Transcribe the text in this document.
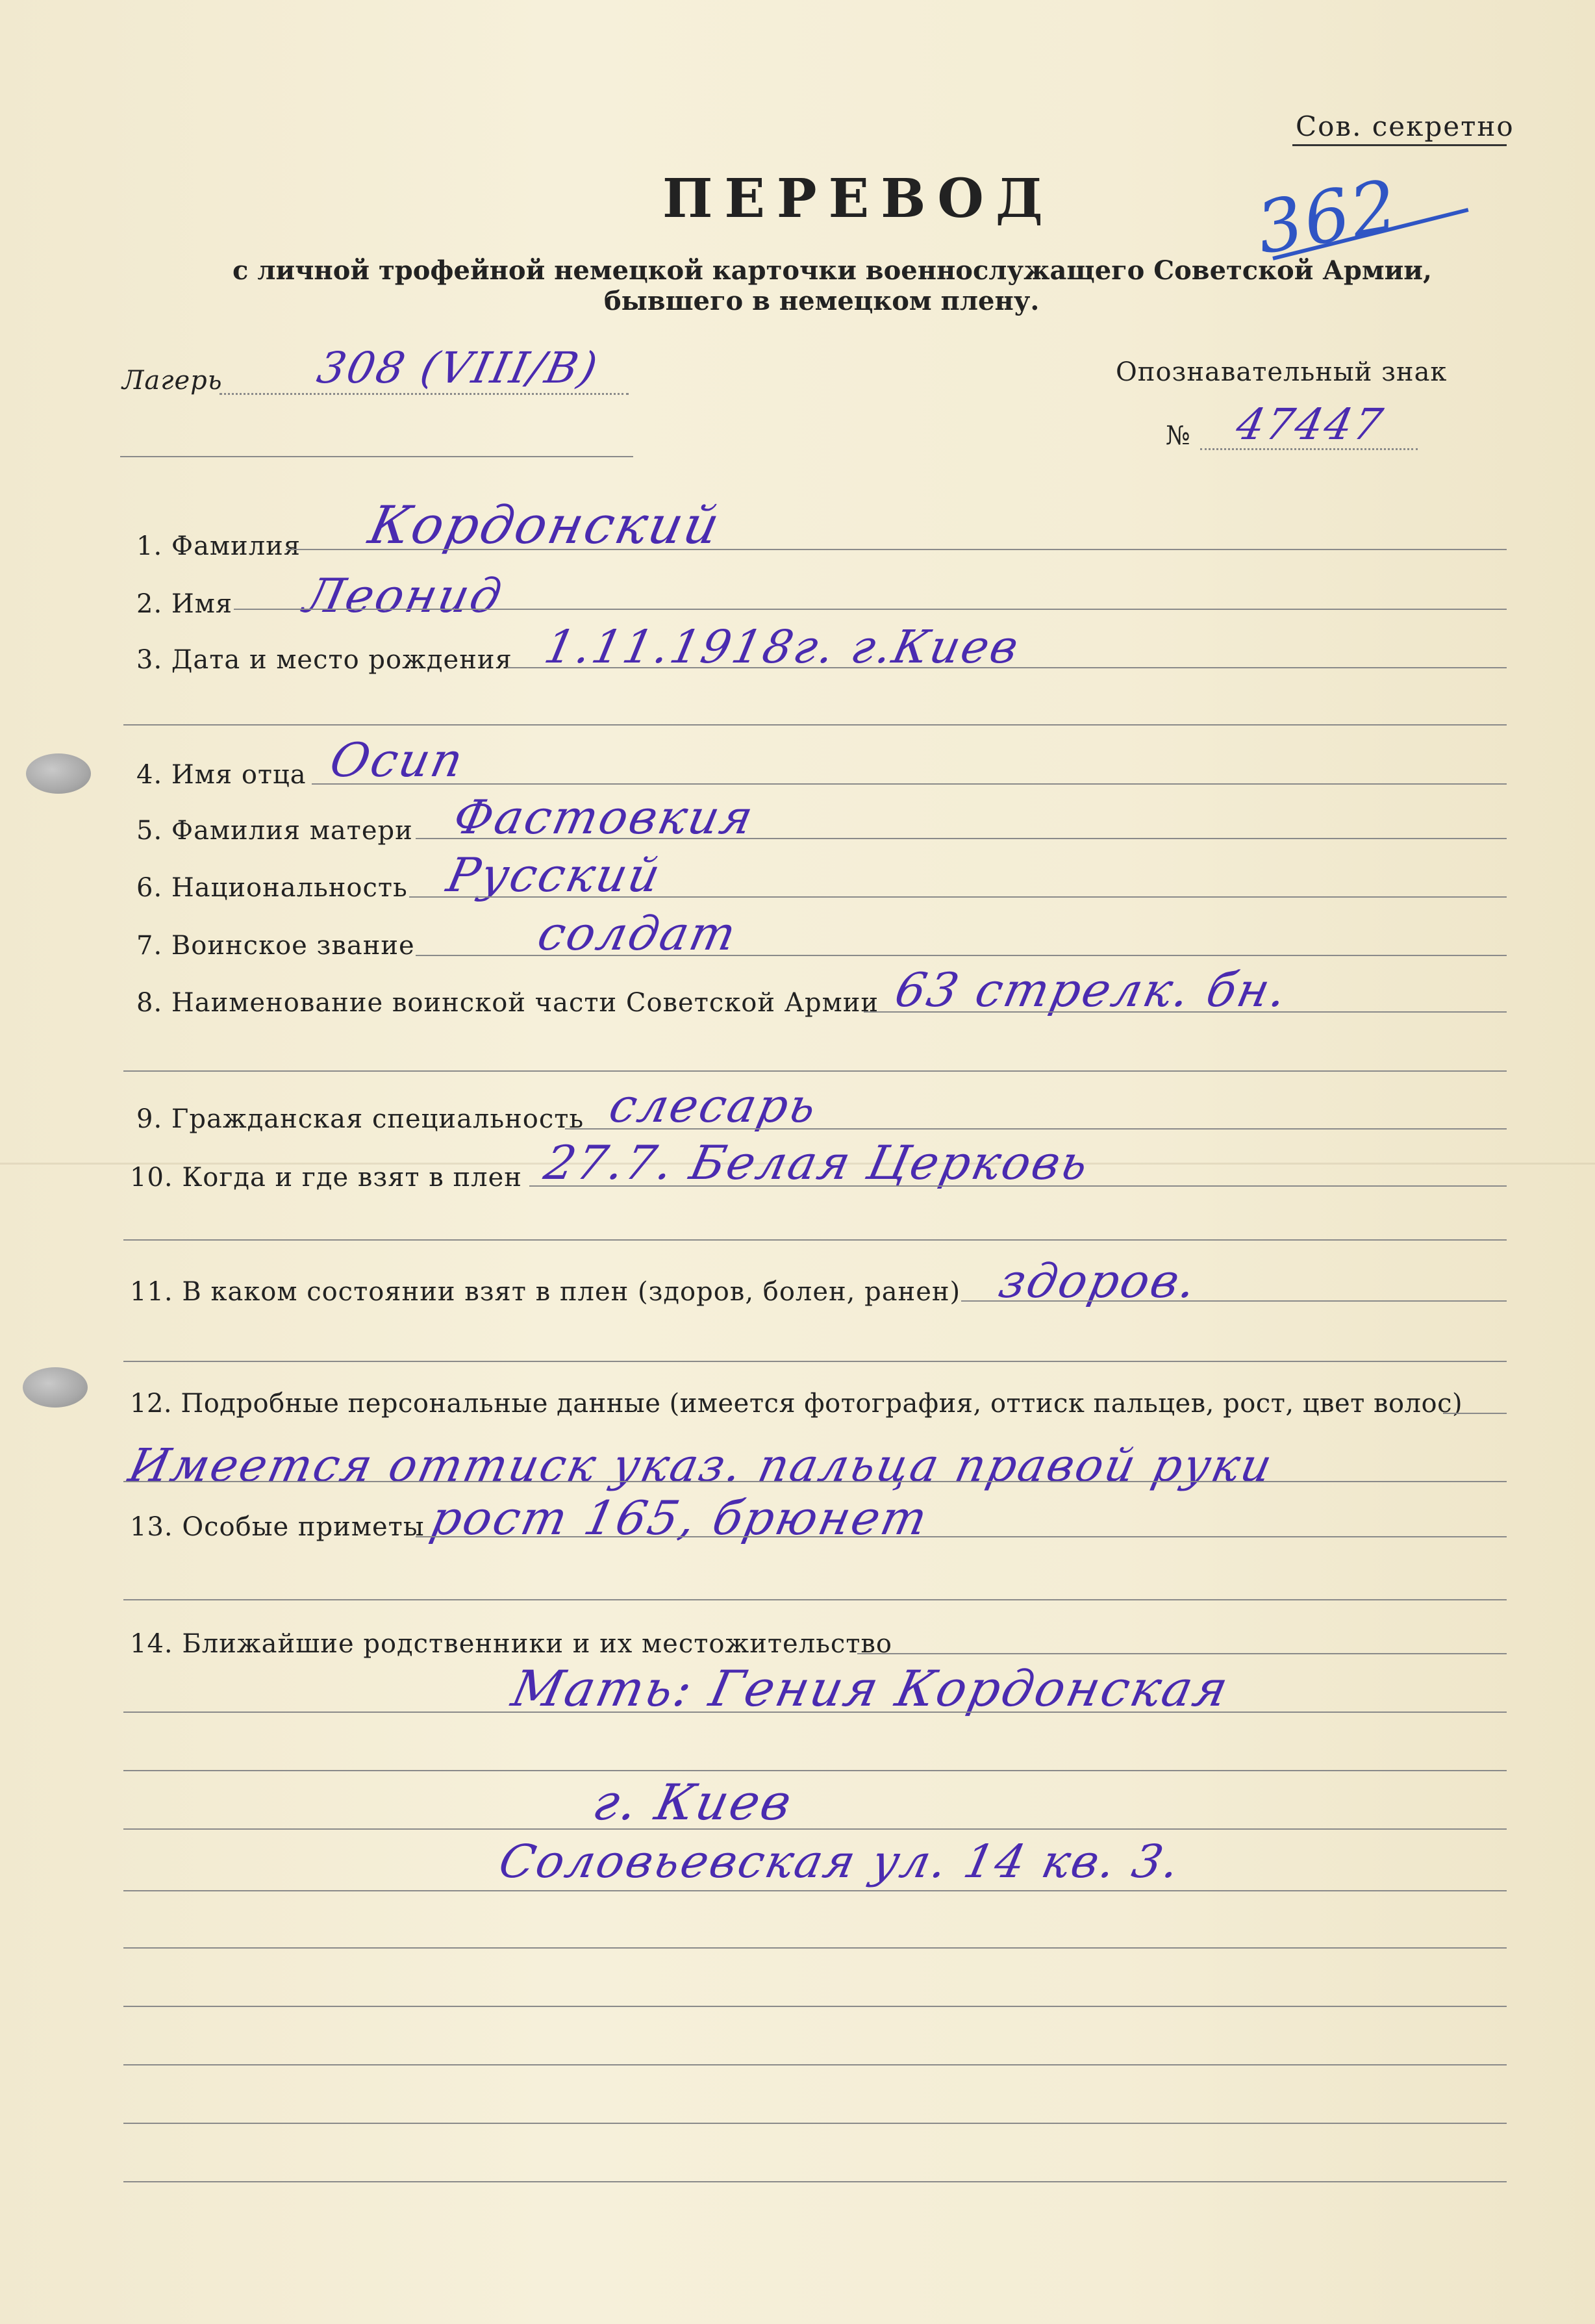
Сов. секретно
362
ПЕРЕВОД
с личной трофейной немецкой карточки военнослужащего Советской Армии,
бывшего в немецком плену.
Лагерь 308 (VIII/B)	Опознавательный знак
№ 47447
1. Фамилия Кордонский
2. Имя Леонид
3. Дата и место рождения 1.11.1918г. г.Киев
4. Имя отца Осип
5. Фамилия матери Фастовкия
6. Национальность Русский
7. Воинское звание	солдат
8. Наименование воинской части Советской Армии 63 стрелк. бн.
9. Гражданская специальность слесарь
10. Когда и где взят в плен 27.7. Белая Церковь
11. В каком состоянии взят в плен (здоров, болен, ранен) здоров.
12. Подробные персональные данные (имеется фотография, оттиск пальцев, рост, цвет волос)
Имеется оттиск указ. пальца правой руки
13. Особые приметы рост 165, брюнет
14. Ближайшие родственники и их местожительство
Мать: Гения Кордонская
г. Киев
Соловьевская ул. 14 кв. 3.
